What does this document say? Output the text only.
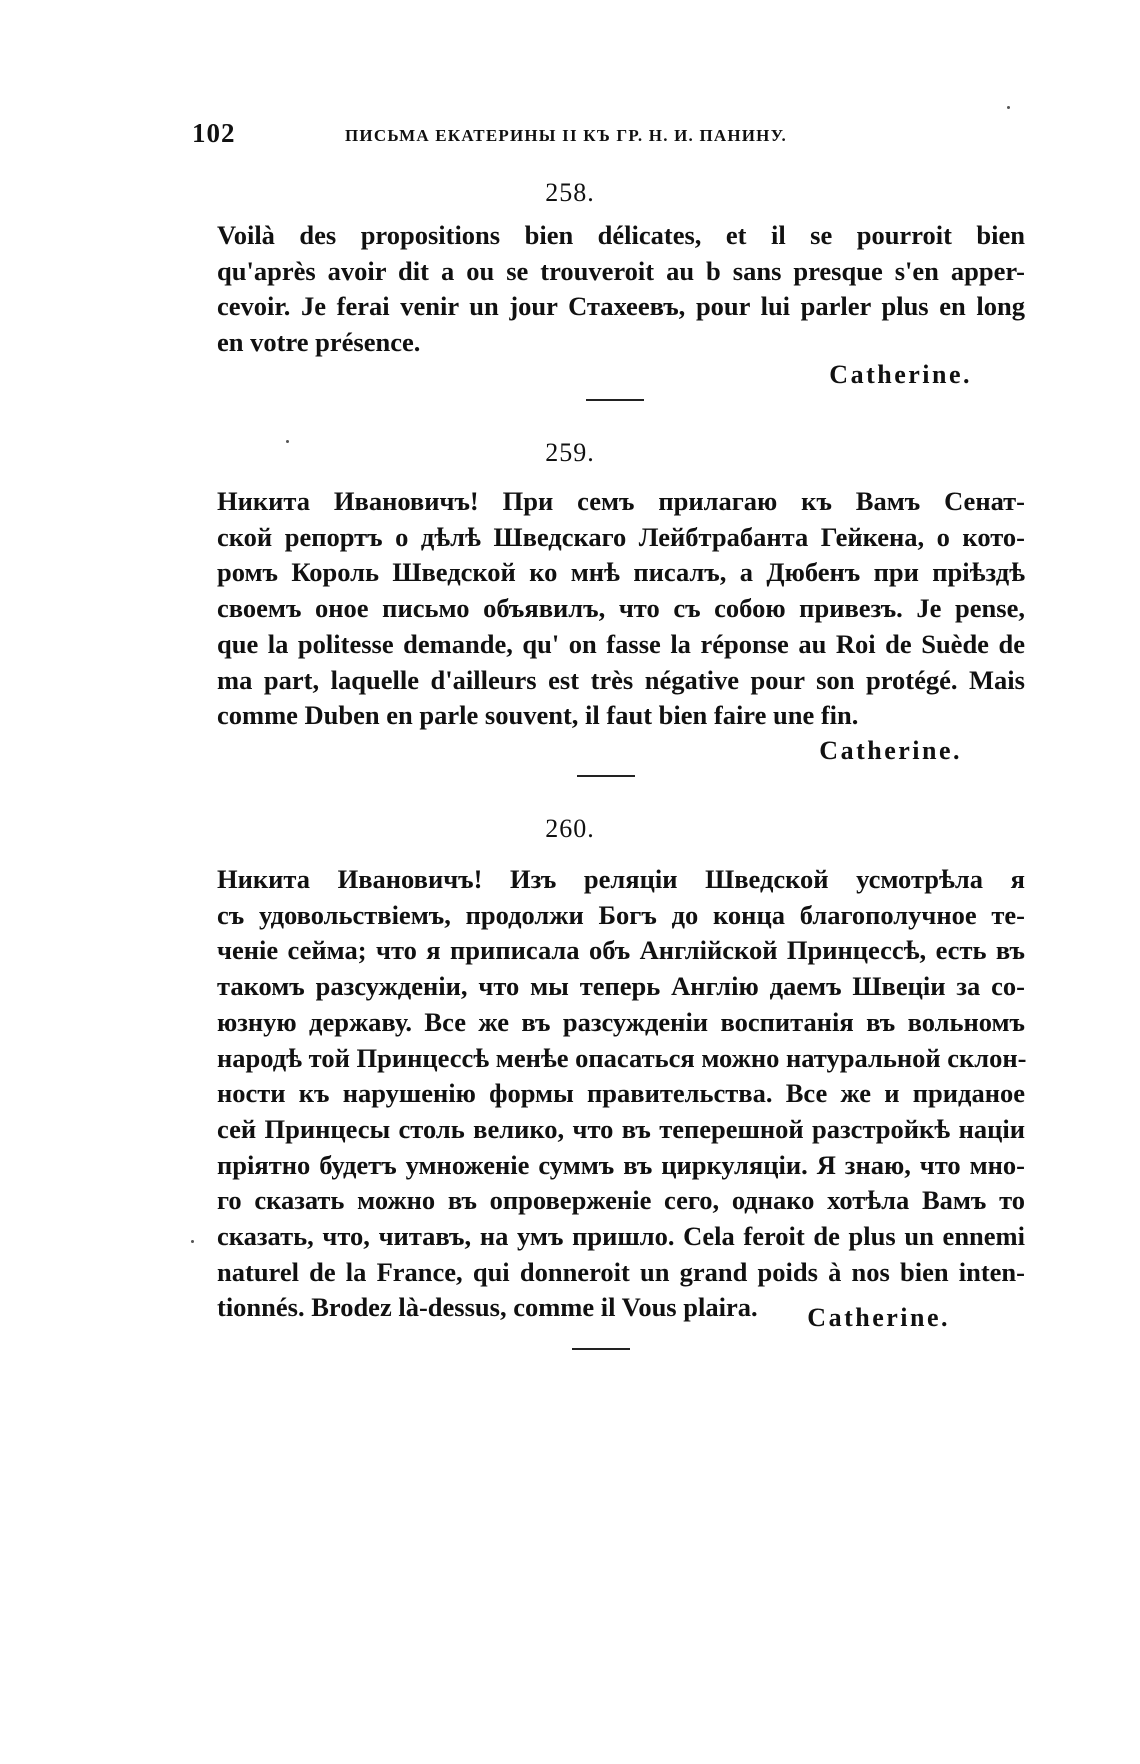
102	ПИСЬМА ЕКАТЕРИНЫ II КЪ ГР. Н. И. ПАНИНУ.
258.
Voilà des propositions bien délicates, et il se pourroit bien
qu'après avoir dit a ou se trouveroit au b sans presque s'en apper-
cevoir. Je ferai venir un jour Стахеевъ, pour lui parler plus en long
en votre présence.
Catherine.
259.
Никита Ивановичъ! При семъ прилагаю къ Вамъ Сенат-
ской репортъ о дѣлѣ Шведскаго Лейбтрабанта Гейкена, о кото-
ромъ Король Шведской ко мнѣ писалъ, а Дюбенъ при пріѣздѣ
своемъ оное письмо объявилъ, что съ собою привезъ. Je pense,
que la politesse demande, qu' on fasse la réponse au Roi de Suède de
ma part, laquelle d'ailleurs est très négative pour son protégé. Mais
comme Duben en parle souvent, il faut bien faire une fin.
Catherine.
260.
Никита Ивановичъ! Изъ реляціи Шведской усмотрѣла я
съ удовольствіемъ, продолжи Богъ до конца благополучное те-
ченіе сейма; что я приписала объ Англійской Принцессѣ, есть въ
такомъ разсужденіи, что мы теперь Англію даемъ Швеціи за со-
юзную державу. Все же въ разсужденіи воспитанія въ вольномъ
народѣ той Принцессѣ менѣе опасаться можно натуральной склон-
ности къ нарушенію формы правительства. Все же и приданое
сей Принцесы столь велико, что въ теперешной разстройкѣ націи
пріятно будетъ умноженіе суммъ въ циркуляціи. Я знаю, что мно-
го сказать можно въ опроверженіе сего, однако хотѣла Вамъ то
сказать, что, читавъ, на умъ пришло. Cela feroit de plus un ennemi
naturel de la France, qui donneroit un grand poids à nos bien inten-
tionnés. Brodez là-dessus, comme il Vous plaira.	Catherine.
